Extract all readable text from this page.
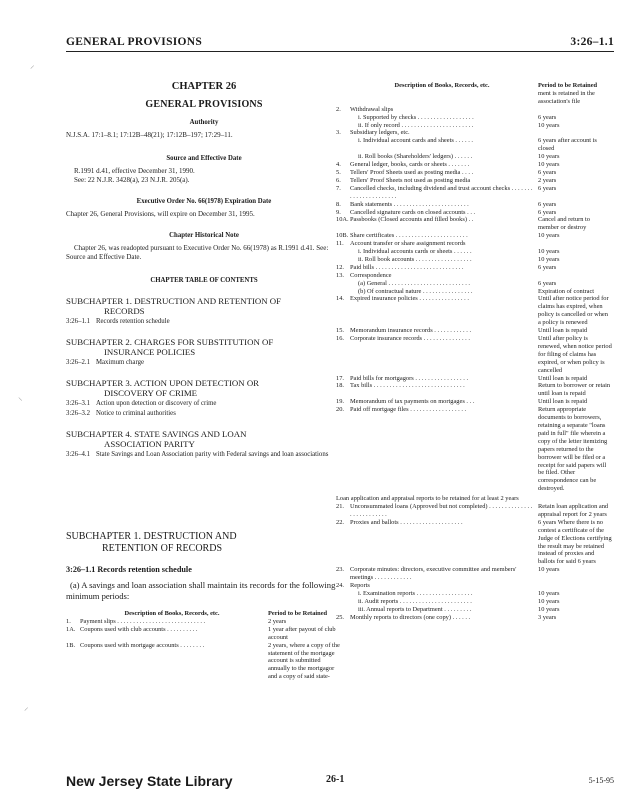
GENERAL PROVISIONS	3:26–1.1
⸝
⸜
⸝
CHAPTER 26
GENERAL PROVISIONS
Authority
N.J.S.A. 17:1–8.1; 17:12B–48(21); 17:12B–197; 17:29–11.
Source and Effective Date
R.1991 d.41, effective December 31, 1990.
See: 22 N.J.R. 3428(a), 23 N.J.R. 205(a).
Executive Order No. 66(1978) Expiration Date
Chapter 26, General Provisions, will expire on December 31, 1995.
Chapter Historical Note
Chapter 26, was readopted pursuant to Executive Order No. 66(1978) as R.1991 d.41. See: Source and Effective Date.
CHAPTER TABLE OF CONTENTS
SUBCHAPTER 1. DESTRUCTION AND RETENTION OF
RECORDS
3:26–1.1 Records retention schedule
SUBCHAPTER 2. CHARGES FOR SUBSTITUTION OF
INSURANCE POLICIES
3:26–2.1 Maximum charge
SUBCHAPTER 3. ACTION UPON DETECTION OR
DISCOVERY OF CRIME
3:26–3.1 Action upon detection or discovery of crime
3:26–3.2 Notice to criminal authorities
SUBCHAPTER 4. STATE SAVINGS AND LOAN
ASSOCIATION PARITY
3:26–4.1 State Savings and Loan Association parity with Federal savings and loan associations
SUBCHAPTER 1. DESTRUCTION AND
RETENTION OF RECORDS
3:26–1.1 Records retention schedule
(a) A savings and loan association shall maintain its records for the following minimum periods:
	Description of Books, Records, etc.	Period to be Retained
1.	Payment slips . . . . . . . . . . . . . . . . . . . . . . . . . . . .	2 years
1A.	Coupons used with club accounts . . . . . . . . . .	1 year after payout of club account
1B.	Coupons used with mortgage accounts . . . . . . . .	2 years, where a copy of the statement of the mortgage account is submitted annually to the mortgagor and a copy of said state-
	Description of Books, Records, etc.	Period to be Retained
		ment is retained in the association's file
2.	Withdrawal slips	

	i. Supported by checks . . . . . . . . . . . . . . . . . .	6 years

	ii. If only record . . . . . . . . . . . . . . . . . . . . . . .	10 years
3.	Subsidiary ledgers, etc.	

	i. Individual account cards and sheets . . . . . .	6 years after account is closed

	ii. Roll books (Shareholders' ledgers) . . . . . .	10 years
4.	General ledger, books, cards or sheets . . . . . . .	10 years
5.	Tellers' Proof Sheets used as posting media . . . .	6 years
6.	Tellers' Proof Sheets not used as posting media	2 years
7.	Cancelled checks, including dividend and trust account checks . . . . . . . . . . . . . . . . . . . . . .	6 years
8.	Bank statements . . . . . . . . . . . . . . . . . . . . . . . .	6 years
9.	Cancelled signature cards on closed accounts . . .	6 years
10A.	Passbooks (Closed accounts and filled books) . .	Cancel and return to member or destroy
10B.	Share certificates . . . . . . . . . . . . . . . . . . . . . . .	10 years
11.	Account transfer or share assignment records	

	i. Individual accounts cards or sheets . . . . . .	10 years

	ii. Roll book accounts . . . . . . . . . . . . . . . . . .	10 years
12.	Paid bills . . . . . . . . . . . . . . . . . . . . . . . . . . . .	6 years
13.	Correspondence	

	(a) General . . . . . . . . . . . . . . . . . . . . . . . . . .	6 years

	(b) Of contractual nature . . . . . . . . . . . . . . . .	Expiration of contract
14.	Expired insurance policies . . . . . . . . . . . . . . . .	Until after notice period for claims has expired, when policy is cancelled or when a policy is renewed
15.	Memorandum insurance records . . . . . . . . . . . .	Until loan is repaid
16.	Corporate insurance records . . . . . . . . . . . . . . .	Until after policy is renewed, when notice period for filing of claims has expired, or when policy is cancelled
17.	Paid bills for mortgagors . . . . . . . . . . . . . . . . .	Until loan is repaid
18.	Tax bills . . . . . . . . . . . . . . . . . . . . . . . . . . . . .	Return to borrower or retain until loan is repaid
19.	Memorandum of tax payments on mortgages . . .	Until loan is repaid
20.	Paid off mortgage files . . . . . . . . . . . . . . . . . .	Return appropriate documents to borrowers, retaining a separate "loans paid in full" file wherein a copy of the letter itemizing papers returned to the borrower will be filed or a receipt for said papers will be filed. Other correspondence can be destroyed.
Loan application and appraisal reports to be retained for at least 2 years		
21.	Unconsummated loans (Approved but not completed) . . . . . . . . . . . . . . . . . . . . . . . . . .	Retain loan application and appraisal report for 2 years
22.	Proxies and ballots . . . . . . . . . . . . . . . . . . . .	6 years Where there is no contest a certificate of the Judge of Elections certifying the result may be retained instead of proxies and ballots for said 6 years
23.	Corporate minutes: directors, executive committee and members' meetings . . . . . . . . . . . .	10 years
24.	Reports	

	i. Examination reports . . . . . . . . . . . . . . . . . .	10 years

	ii. Audit reports . . . . . . . . . . . . . . . . . . . . . . .	10 years

	iii. Annual reports to Department . . . . . . . . .	10 years
25.	Monthly reports to directors (one copy) . . . . . .	3 years
New Jersey State Library	26-1	5-15-95
